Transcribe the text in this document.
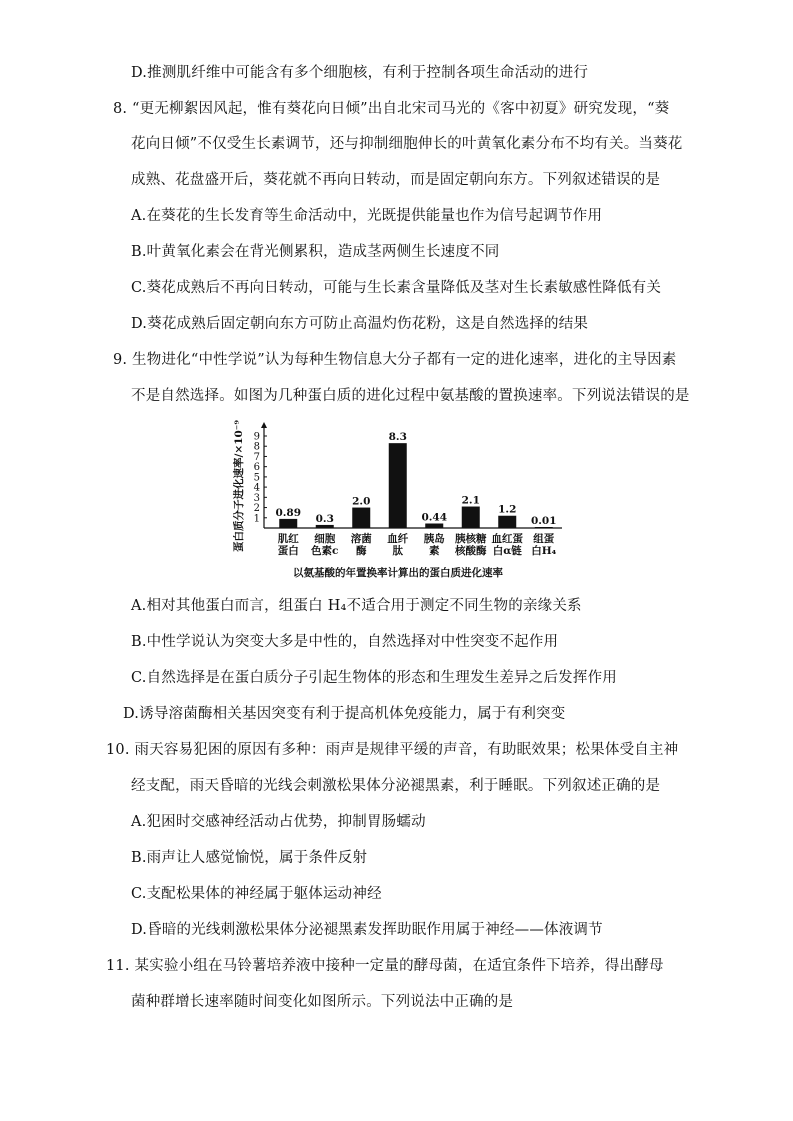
D.推测肌纤维中可能含有多个细胞核，有利于控制各项生命活动的进行
8. “更无柳絮因风起，惟有葵花向日倾”出自北宋司马光的《客中初夏》研究发现，“葵
花向日倾”不仅受生长素调节，还与抑制细胞伸长的叶黄氧化素分布不均有关。当葵花
成熟、花盘盛开后，葵花就不再向日转动，而是固定朝向东方。下列叙述错误的是
A.在葵花的生长发育等生命活动中，光既提供能量也作为信号起调节作用
B.叶黄氧化素会在背光侧累积，造成茎两侧生长速度不同
C.葵花成熟后不再向日转动，可能与生长素含量降低及茎对生长素敏感性降低有关
D.葵花成熟后固定朝向东方可防止高温灼伤花粉，这是自然选择的结果
9. 生物进化“中性学说”认为每种生物信息大分子都有一定的进化速率，进化的主导因素
不是自然选择。如图为几种蛋白质的进化过程中氨基酸的置换速率。下列说法错误的是
蛋白质分子进化速率/×10⁻⁹ 1
2
3
4
5
6
7
8
9
0.89
0.3
2.0
8.3
0.44
2.1
1.2
0.01
肌红
蛋白
细胞
色素c
溶菌
酶
血纤
肽
胰岛
素
胰核糖
核酸酶
血红蛋
白α链
组蛋
白H₄
以氨基酸的年置换率计算出的蛋白质进化速率
A.相对其他蛋白而言，组蛋白 H₄不适合用于测定不同生物的亲缘关系
B.中性学说认为突变大多是中性的，自然选择对中性突变不起作用
C.自然选择是在蛋白质分子引起生物体的形态和生理发生差异之后发挥作用
D.诱导溶菌酶相关基因突变有利于提高机体免疫能力，属于有利突变
10. 雨天容易犯困的原因有多种：雨声是规律平缓的声音，有助眠效果；松果体受自主神
经支配，雨天昏暗的光线会刺激松果体分泌褪黑素，利于睡眠。下列叙述正确的是
A.犯困时交感神经活动占优势，抑制胃肠蠕动
B.雨声让人感觉愉悦，属于条件反射
C.支配松果体的神经属于躯体运动神经
D.昏暗的光线刺激松果体分泌褪黑素发挥助眠作用属于神经——体液调节
11. 某实验小组在马铃薯培养液中接种一定量的酵母菌，在适宜条件下培养，得出酵母
菌种群增长速率随时间变化如图所示。下列说法中正确的是
